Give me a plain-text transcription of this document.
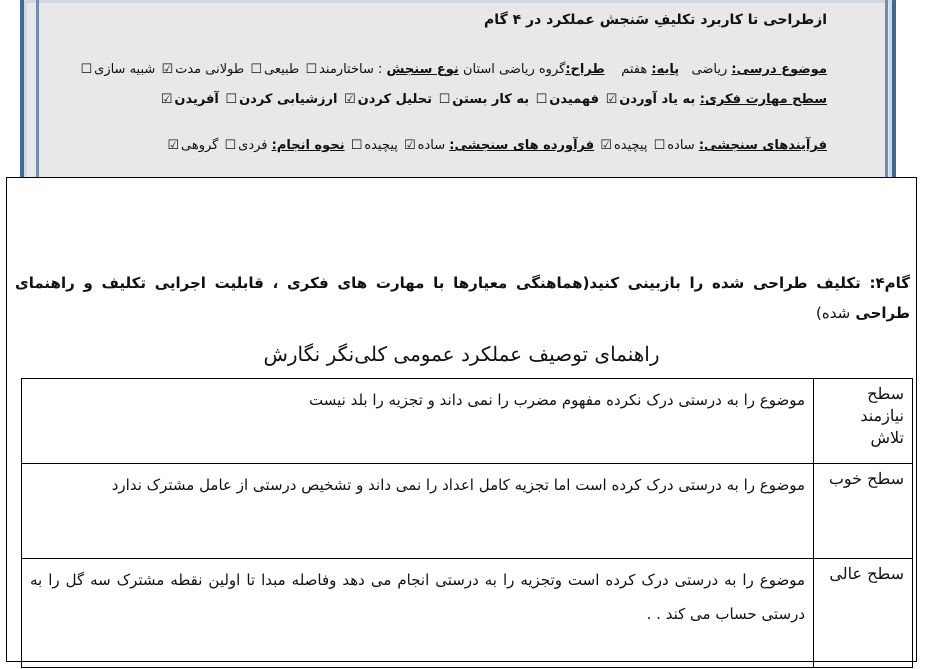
ازطراحی تا کاربرد تکلیفِ سَنجش عملکرد در ۴ گام
موضوع درسی: ریاضی   پایه: هفتم    طراح:گروه ریاضی استان نوع سنجش : ساختارمند☐ طبیعی☐ طولانی مدت☑ شبیه سازی☐
سطح مهارت فکری: به یاد آوردن☑ فهمیدن☐ به کار بستن☐ تحلیل کردن☑ ارزشیابی کردن☐ آفریدن☑
فرآیندهای سنجشی: ساده☐ پیچیده☑ فرآورده های سنجشی: ساده☑ پیچیده☐ نحوه انجام: فردی☐ گروهی☑
گام۴: تکلیف طراحی شده را بازبینی کنید(هماهنگی معیارها با مهارت های فکری ، قابلیت اجرایی تکلیف و راهنمای طراحی شده)
راهنمای توصیف عملکرد عمومی کلی‌نگر نگارش
سطح نیازمند تلاش	موضوع را به درستی درک نکرده مفهوم مضرب را نمی داند و تجزیه را بلد نیست
سطح خوب	موضوع را به درستی درک کرده است اما تجزیه کامل اعداد را نمی داند و تشخیص درستی از عامل مشترک ندارد
سطح عالی	موضوع را به درستی درک کرده است وتجزیه را به درستی انجام می دهد وفاصله مبدا تا اولین نقطه مشترک سه گل را به درستی حساب می کند . .
